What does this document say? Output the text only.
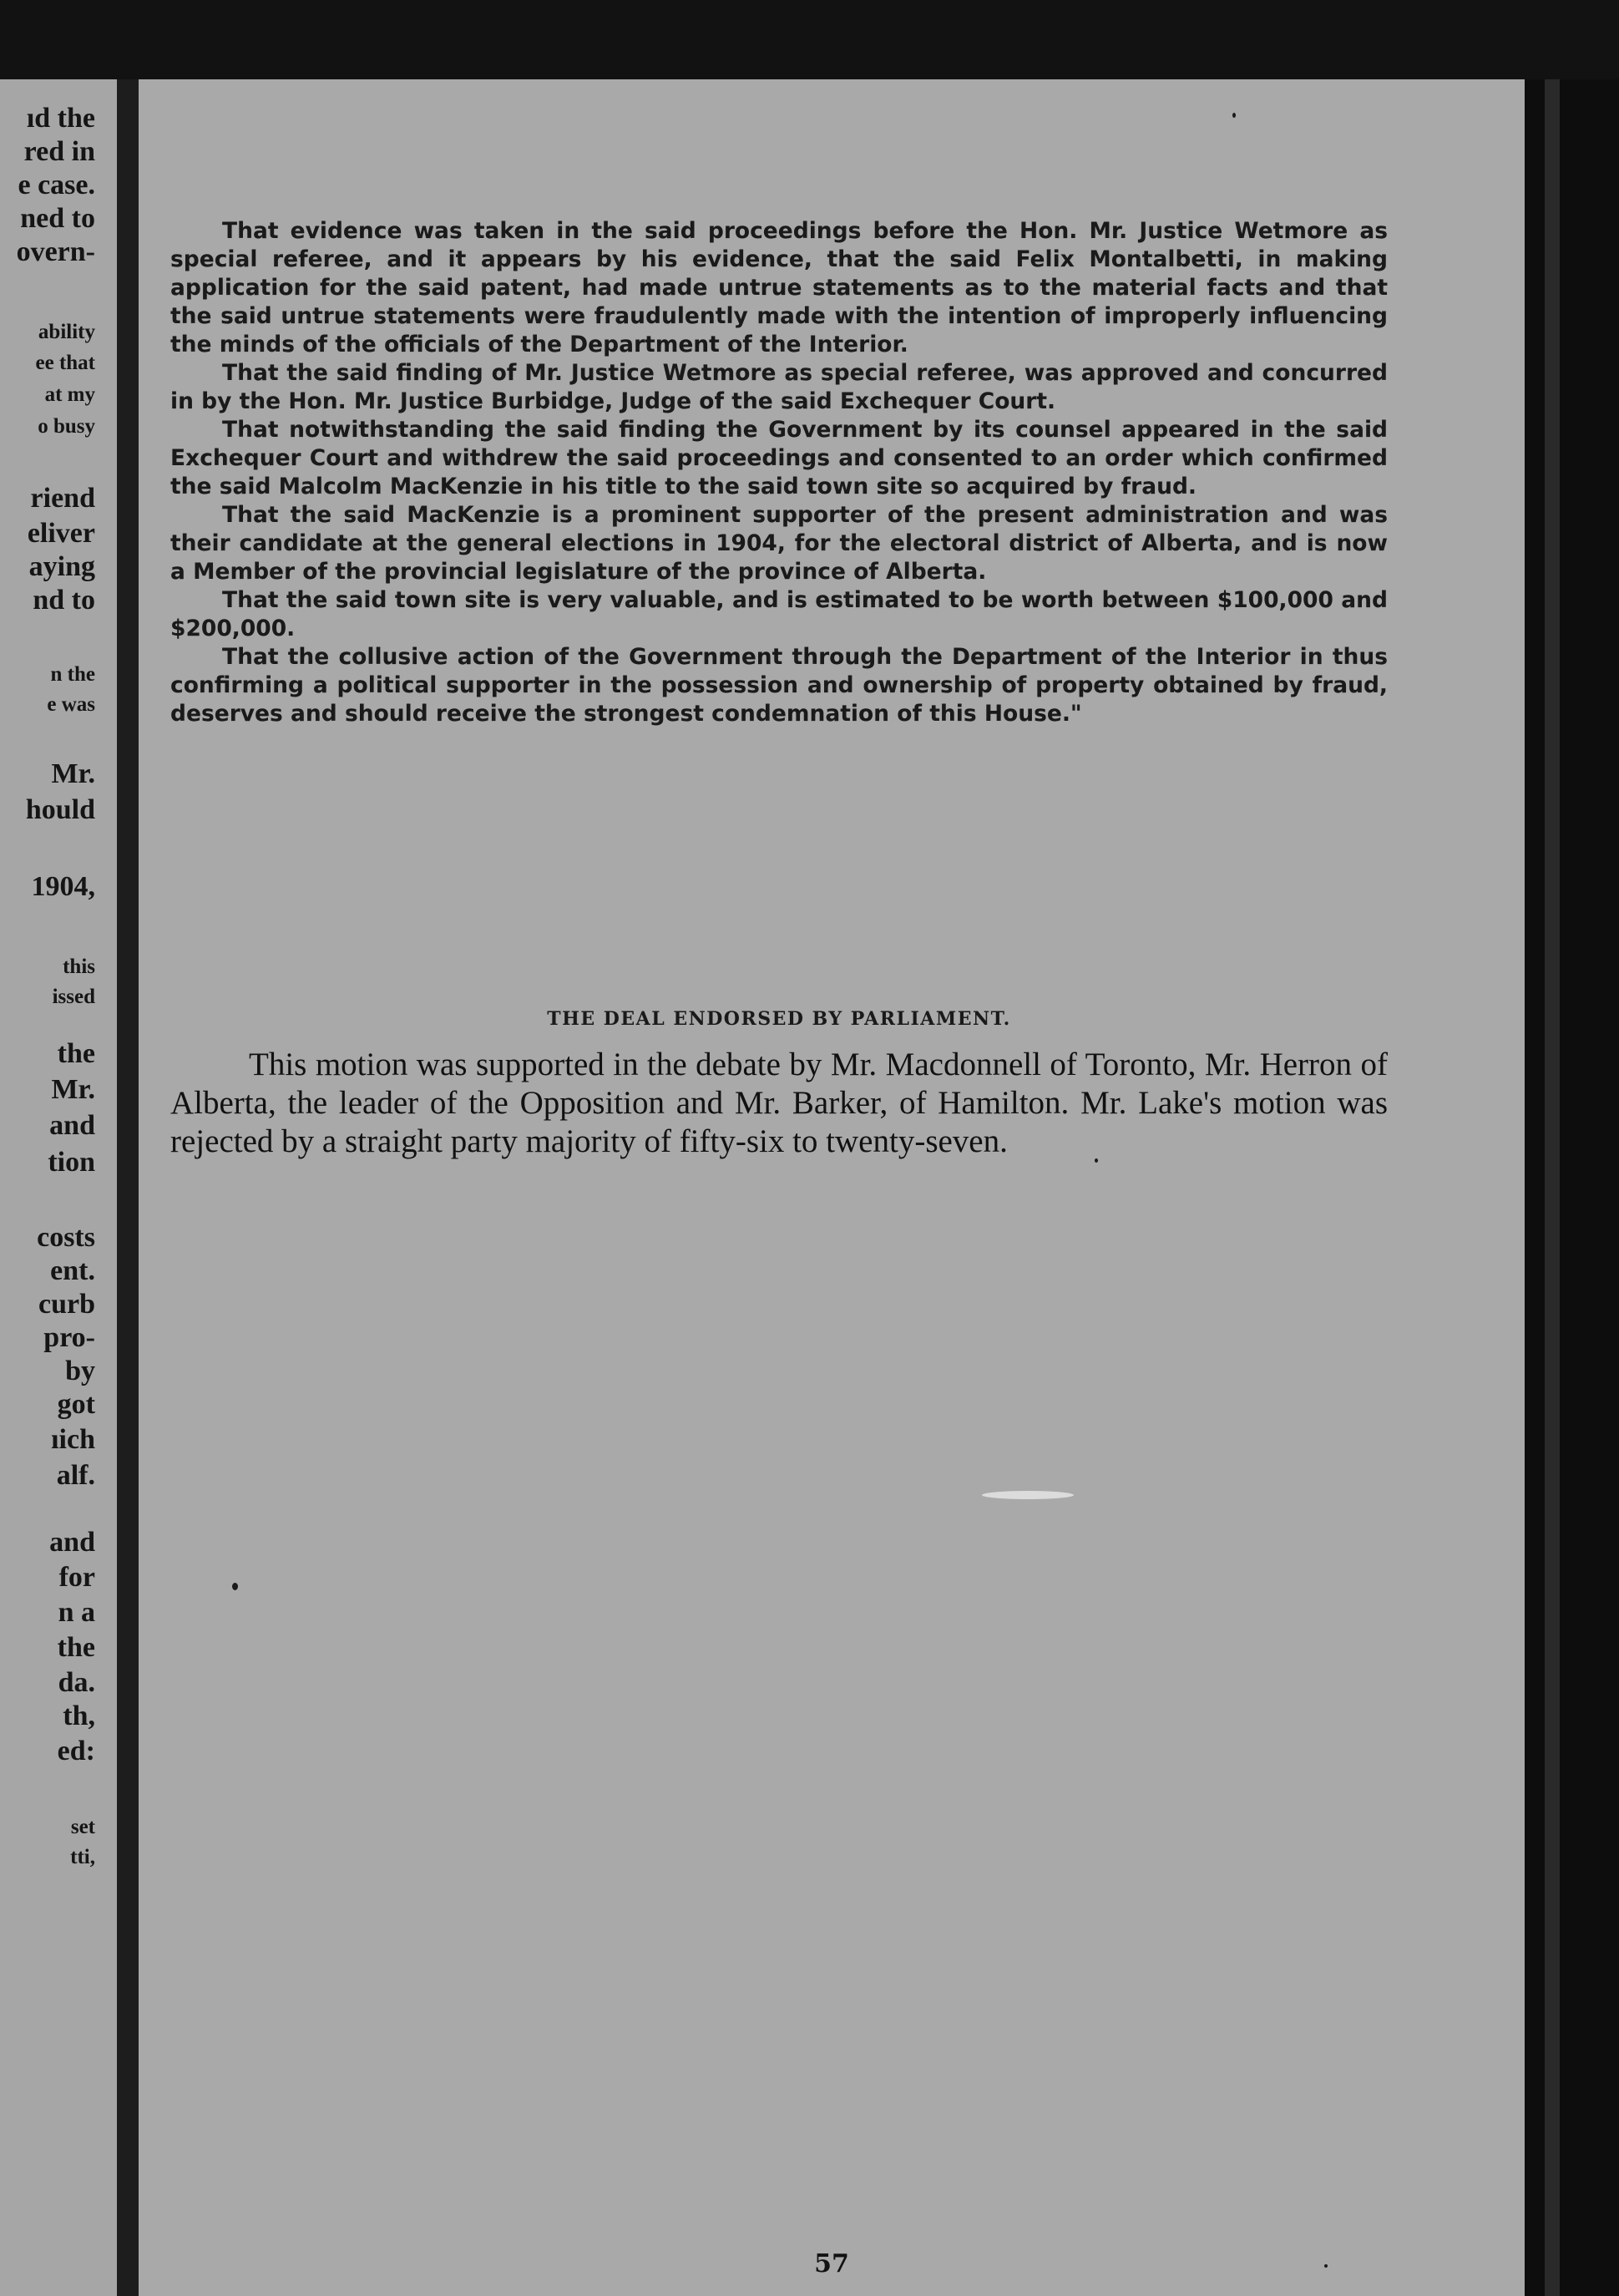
ıd the

red in

e case.

ned to

overn-

ability

ee that

at my

o busy

riend

eliver

aying

nd to

n the

e was

Mr.

hould

1904,

this

issed

the

Mr.

and

tion

costs

ent.

curb

pro-

by

got

ıich

alf.

and

for

n a

the

da.

th,

ed:

set

tti,

That evidence was taken in the said proceedings before the Hon. Mr. Justice Wetmore as special referee, and it appears by his evidence, that the said Felix Montalbetti, in making application for the said patent, had made untrue statements as to the material facts and that the said untrue statements were fraudulently made with the intention of improperly influencing the minds of the officials of the Department of the Interior.

That the said finding of Mr. Justice Wetmore as special referee, was approved and concurred in by the Hon. Mr. Justice Burbidge, Judge of the said Exchequer Court.

That notwithstanding the said finding the Government by its counsel appeared in the said Exchequer Court and withdrew the said proceedings and consented to an order which confirmed the said Malcolm MacKenzie in his title to the said town site so acquired by fraud.

That the said MacKenzie is a prominent supporter of the present administration and was their candidate at the general elections in 1904, for the electoral district of Alberta, and is now a Member of the provincial legislature of the province of Alberta.

That the said town site is very valuable, and is estimated to be worth between $100,000 and $200,000.

That the collusive action of the Government through the Department of the Interior in thus confirming a political supporter in the possession and ownership of property obtained by fraud, deserves and should receive the strongest condemnation of this House."

THE DEAL ENDORSED BY PARLIAMENT.

This motion was supported in the debate by Mr. Macdonnell of Toronto, Mr. Herron of Alberta, the leader of the Opposition and Mr. Barker, of Hamilton. Mr. Lake's motion was rejected by a straight party majority of fifty-six to twenty-seven.

57
